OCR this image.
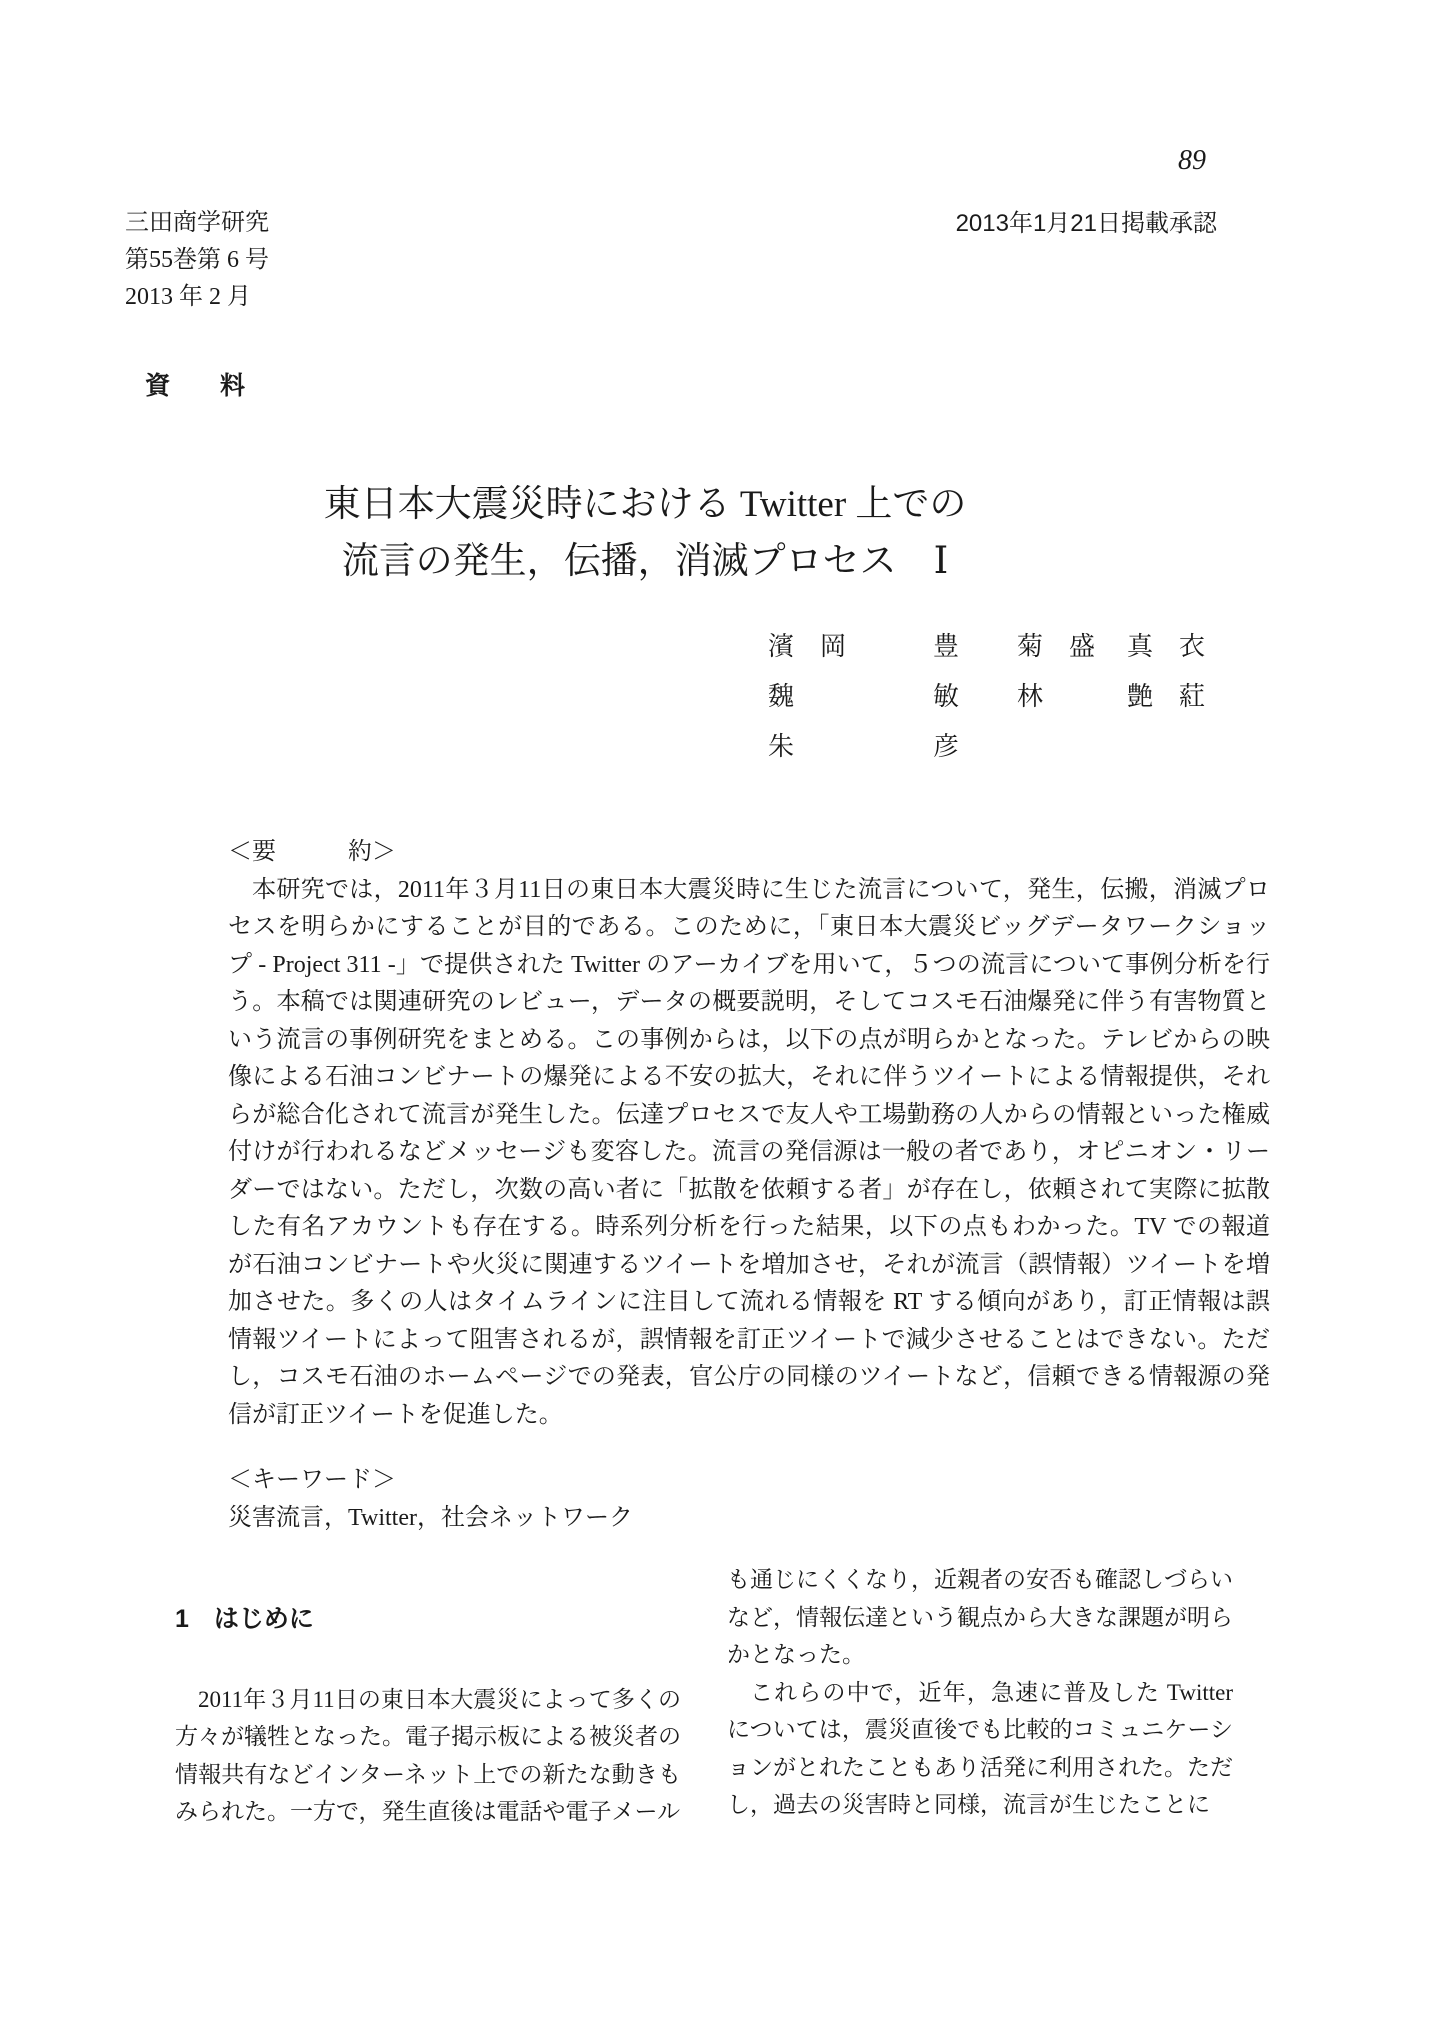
89
三田商学研究
第55巻第 6 号
2013 年 2 月
2013年1月21日掲載承認
資　　料
東日本大震災時における Twitter 上での
流言の発生，伝播，消滅プロセス　Ⅰ
濱　岡	豊	菊　盛	真　衣
魏	敏	林	艶　葒
朱	彦
＜要　　　約＞

本研究では，2011年３月11日の東日本大震災時に生じた流言について，発生，伝搬，消滅プロセスを明らかにすることが目的である。このために，「東日本大震災ビッグデータワークショップ - Project 311 -」で提供された Twitter のアーカイブを用いて，５つの流言について事例分析を行う。本稿では関連研究のレビュー，データの概要説明，そしてコスモ石油爆発に伴う有害物質という流言の事例研究をまとめる。この事例からは，以下の点が明らかとなった。テレビからの映像による石油コンビナートの爆発による不安の拡大，それに伴うツイートによる情報提供，それらが総合化されて流言が発生した。伝達プロセスで友人や工場勤務の人からの情報といった権威付けが行われるなどメッセージも変容した。流言の発信源は一般の者であり，オピニオン・リーダーではない。ただし，次数の高い者に「拡散を依頼する者」が存在し，依頼されて実際に拡散した有名アカウントも存在する。時系列分析を行った結果，以下の点もわかった。TV での報道が石油コンビナートや火災に関連するツイートを増加させ，それが流言（誤情報）ツイートを増加させた。多くの人はタイムラインに注目して流れる情報を RT する傾向があり，訂正情報は誤情報ツイートによって阻害されるが，誤情報を訂正ツイートで減少させることはできない。ただし，コスモ石油のホームページでの発表，官公庁の同様のツイートなど，信頼できる情報源の発信が訂正ツイートを促進した。

＜キーワード＞
災害流言，Twitter，社会ネットワーク
1　はじめに

2011年３月11日の東日本大震災によって多くの方々が犠牲となった。電子掲示板による被災者の情報共有などインターネット上での新たな動きもみられた。一方で，発生直後は電話や電子メール

も通じにくくなり，近親者の安否も確認しづらいなど，情報伝達という観点から大きな課題が明らかとなった。

これらの中で，近年，急速に普及した Twitter については，震災直後でも比較的コミュニケーションがとれたこともあり活発に利用された。ただし，過去の災害時と同様，流言が生じたことに
